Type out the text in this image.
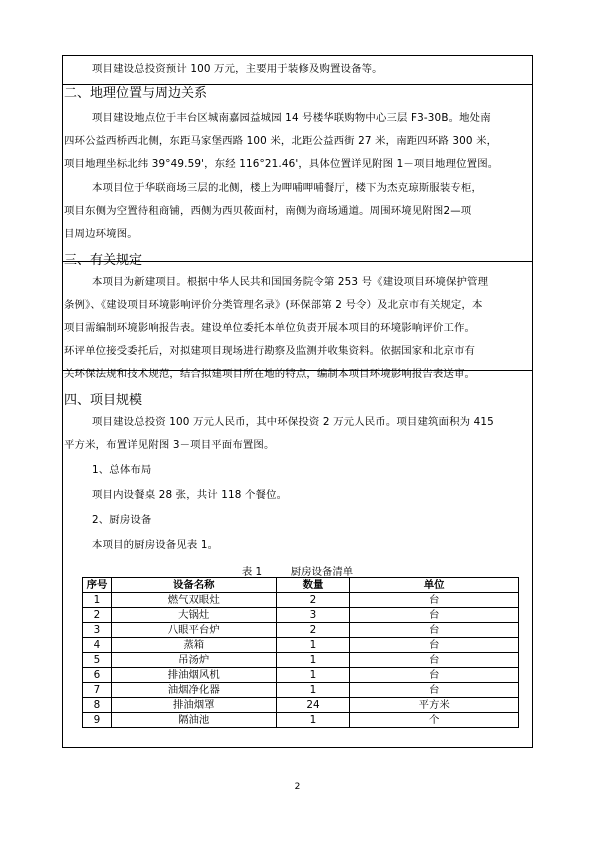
项目建设总投资预计 100 万元，主要用于装修及购置设备等。

二、地理位置与周边关系

项目建设地点位于丰台区城南嘉园益城园 14 号楼华联购物中心三层 F3-30B。地处南

四环公益西桥西北侧，东距马家堡西路 100 米，北距公益西街 27 米，南距四环路 300 米，

项目地理坐标北纬 39°49.59'，东经 116°21.46'，具体位置详见附图 1－项目地理位置图。

本项目位于华联商场三层的北侧，楼上为呷哺呷哺餐厅，楼下为杰克琼斯服装专柜，

项目东侧为空置待租商铺，西侧为西贝莜面村，南侧为商场通道。周围环境见附图2—项

目周边环境图。

三、有关规定

本项目为新建项目。根据中华人民共和国国务院令第 253 号《建设项目环境保护管理

条例》、《建设项目环境影响评价分类管理名录》(环保部第 2 号令）及北京市有关规定，本

项目需编制环境影响报告表。建设单位委托本单位负责开展本项目的环境影响评价工作。

环评单位接受委托后，对拟建项目现场进行勘察及监测并收集资料。依据国家和北京市有

关环保法规和技术规范，结合拟建项目所在地的特点，编制本项目环境影响报告表送审。

四、项目规模

项目建设总投资 100 万元人民币，其中环保投资 2 万元人民币。项目建筑面积为 415

平方米，布置详见附图 3－项目平面布置图。

1、总体布局

项目内设餐桌 28 张，共计 118 个餐位。

2、厨房设备

本项目的厨房设备见表 1。

表 1	厨房设备清单
序号	设备名称	数量	单位
1	燃气双眼灶	2	台
2	大锅灶	3	台
3	八眼平台炉	2	台
4	蒸箱	1	台
5	吊汤炉	1	台
6	排油烟风机	1	台
7	油烟净化器	1	台
8	排油烟罩	24	平方米
9	隔油池	1	个
2
